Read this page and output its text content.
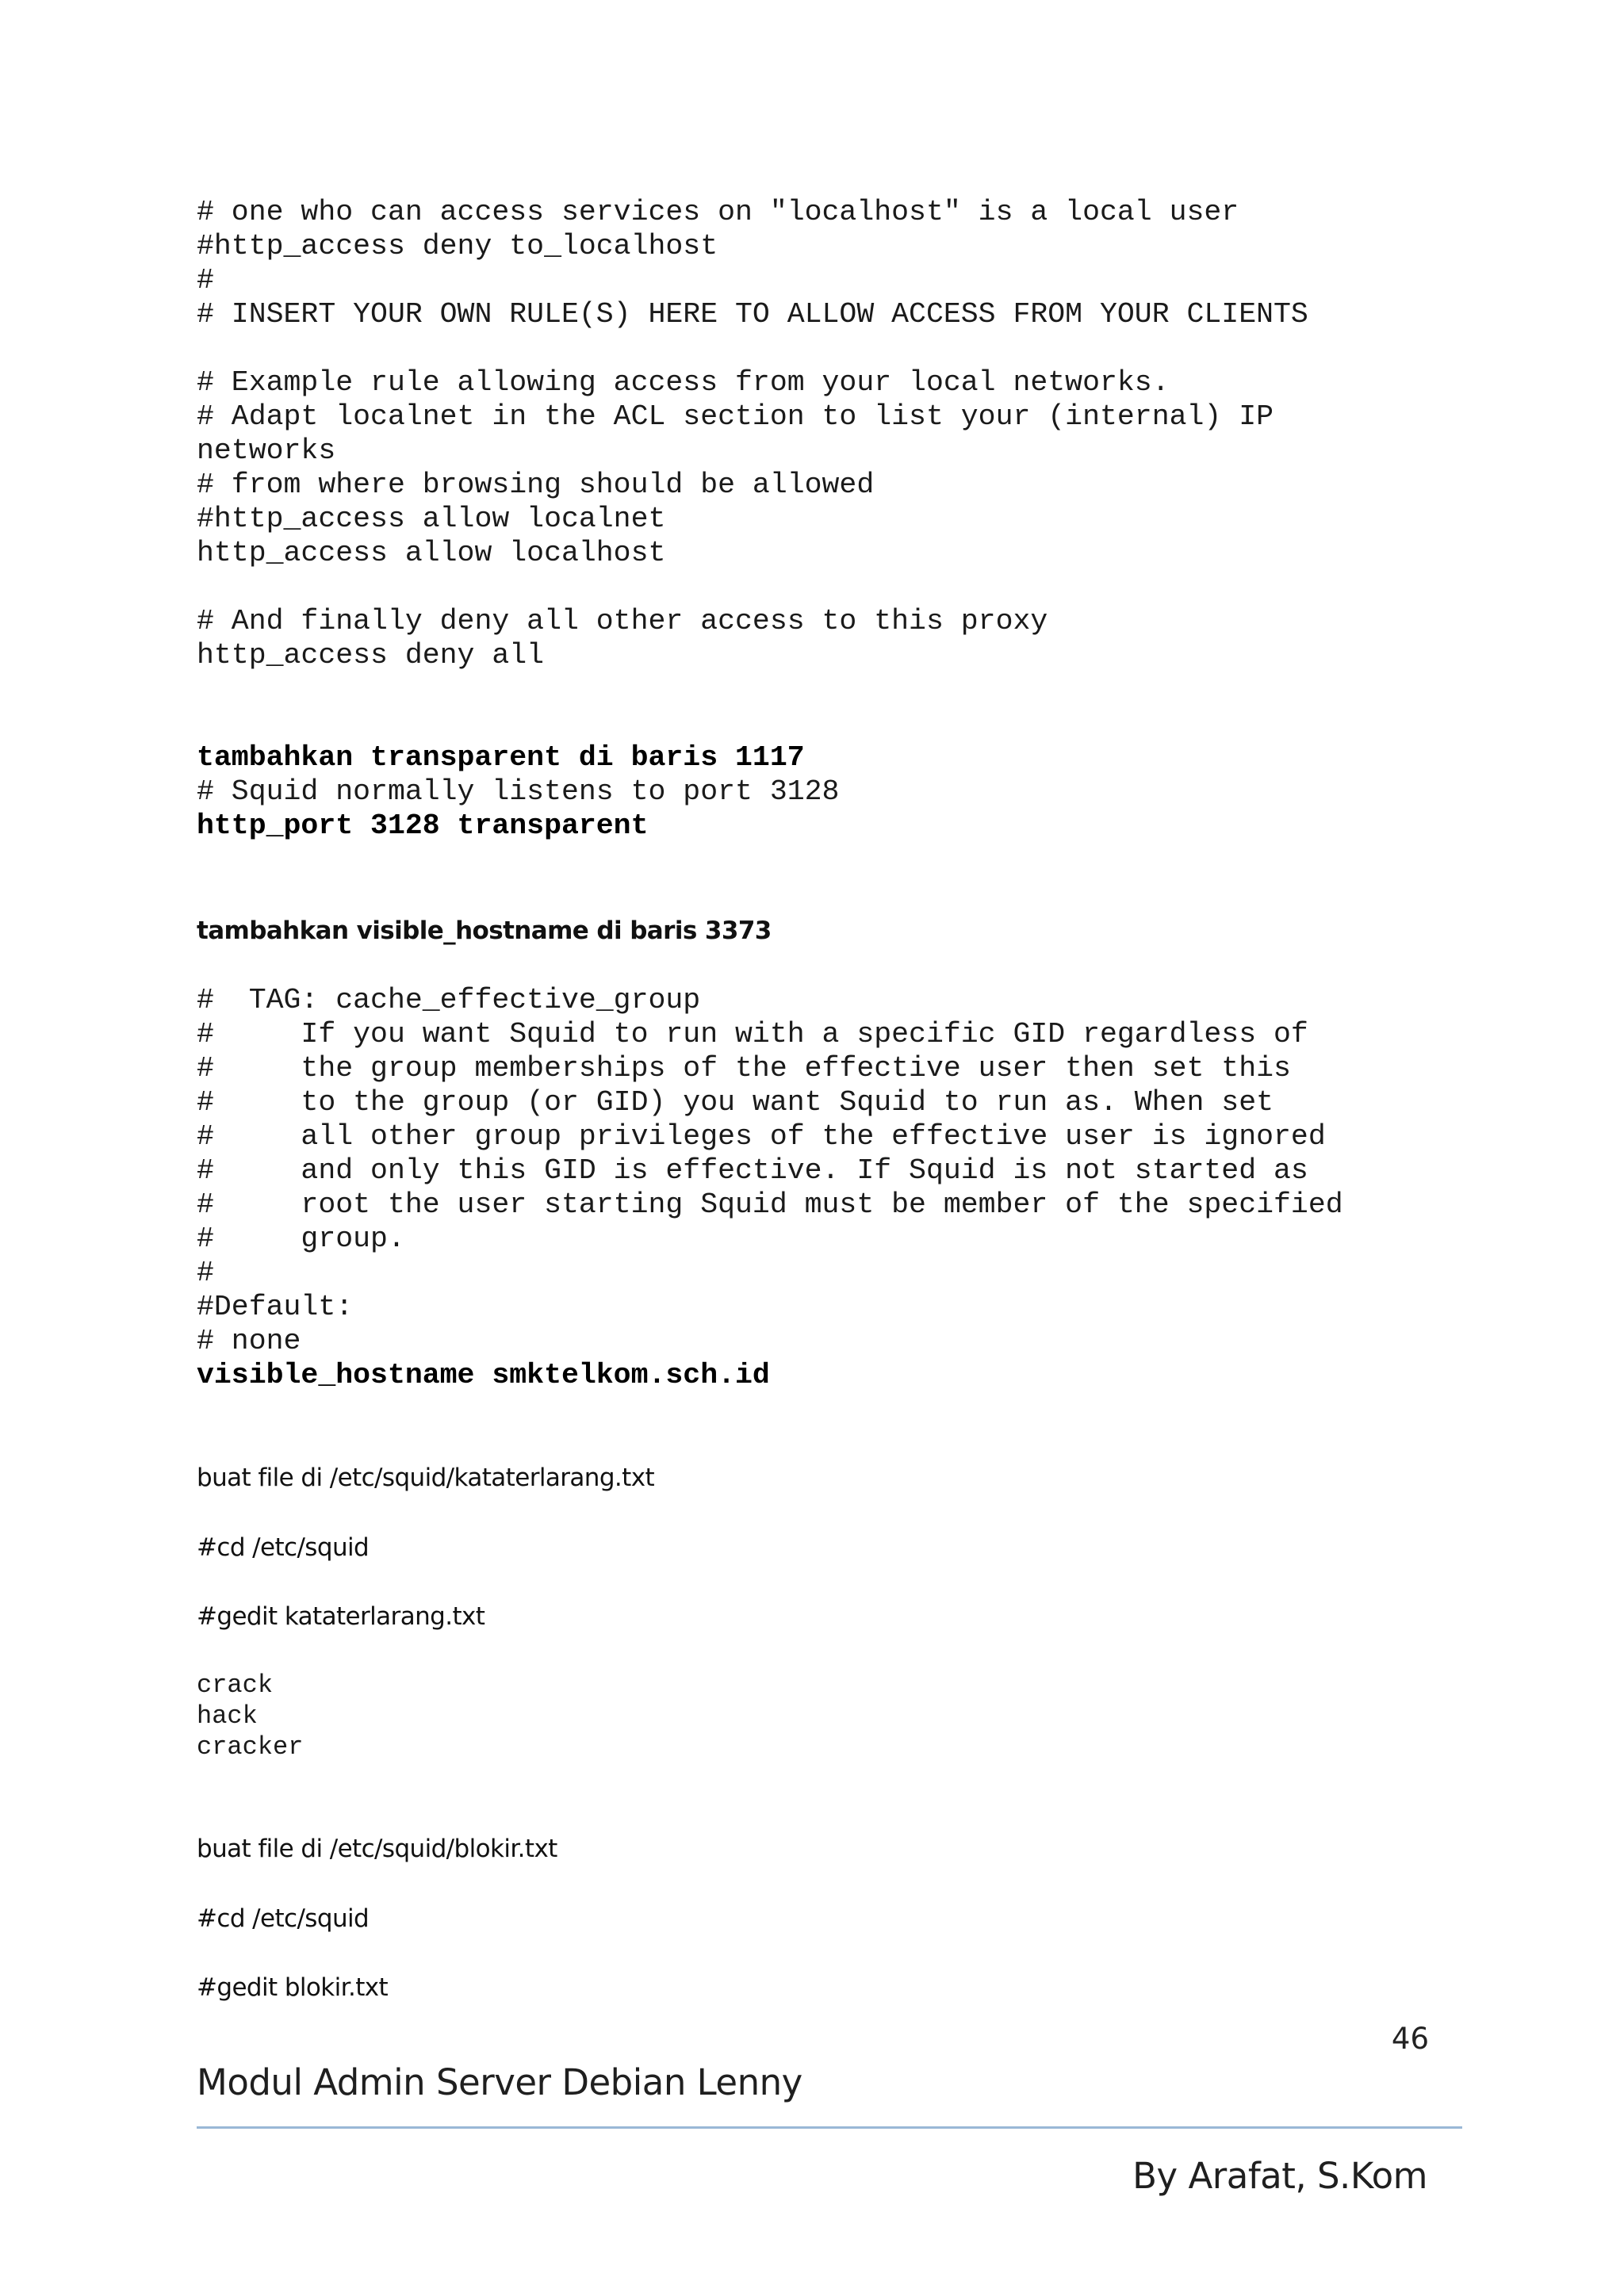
# one who can access services on "localhost" is a local user
#http_access deny to_localhost
#
# INSERT YOUR OWN RULE(S) HERE TO ALLOW ACCESS FROM YOUR CLIENTS

# Example rule allowing access from your local networks.
# Adapt localnet in the ACL section to list your (internal) IP
networks
# from where browsing should be allowed
#http_access allow localnet
http_access allow localhost

# And finally deny all other access to this proxy
http_access deny all
tambahkan transparent di baris 1117
# Squid normally listens to port 3128
http_port 3128 transparent

tambahkan visible_hostname di baris 3373

#  TAG: cache_effective_group
#     If you want Squid to run with a specific GID regardless of
#     the group memberships of the effective user then set this
#     to the group (or GID) you want Squid to run as. When set
#     all other group privileges of the effective user is ignored
#     and only this GID is effective. If Squid is not started as
#     root the user starting Squid must be member of the specified
#     group.
#
#Default:
# none
visible_hostname smktelkom.sch.id

buat file di /etc/squid/kataterlarang.txt

#cd /etc/squid

#gedit kataterlarang.txt

crack
hack
cracker

buat file di /etc/squid/blokir.txt

#cd /etc/squid

#gedit blokir.txt

46
Modul Admin Server Debian Lenny
By Arafat, S.Kom
